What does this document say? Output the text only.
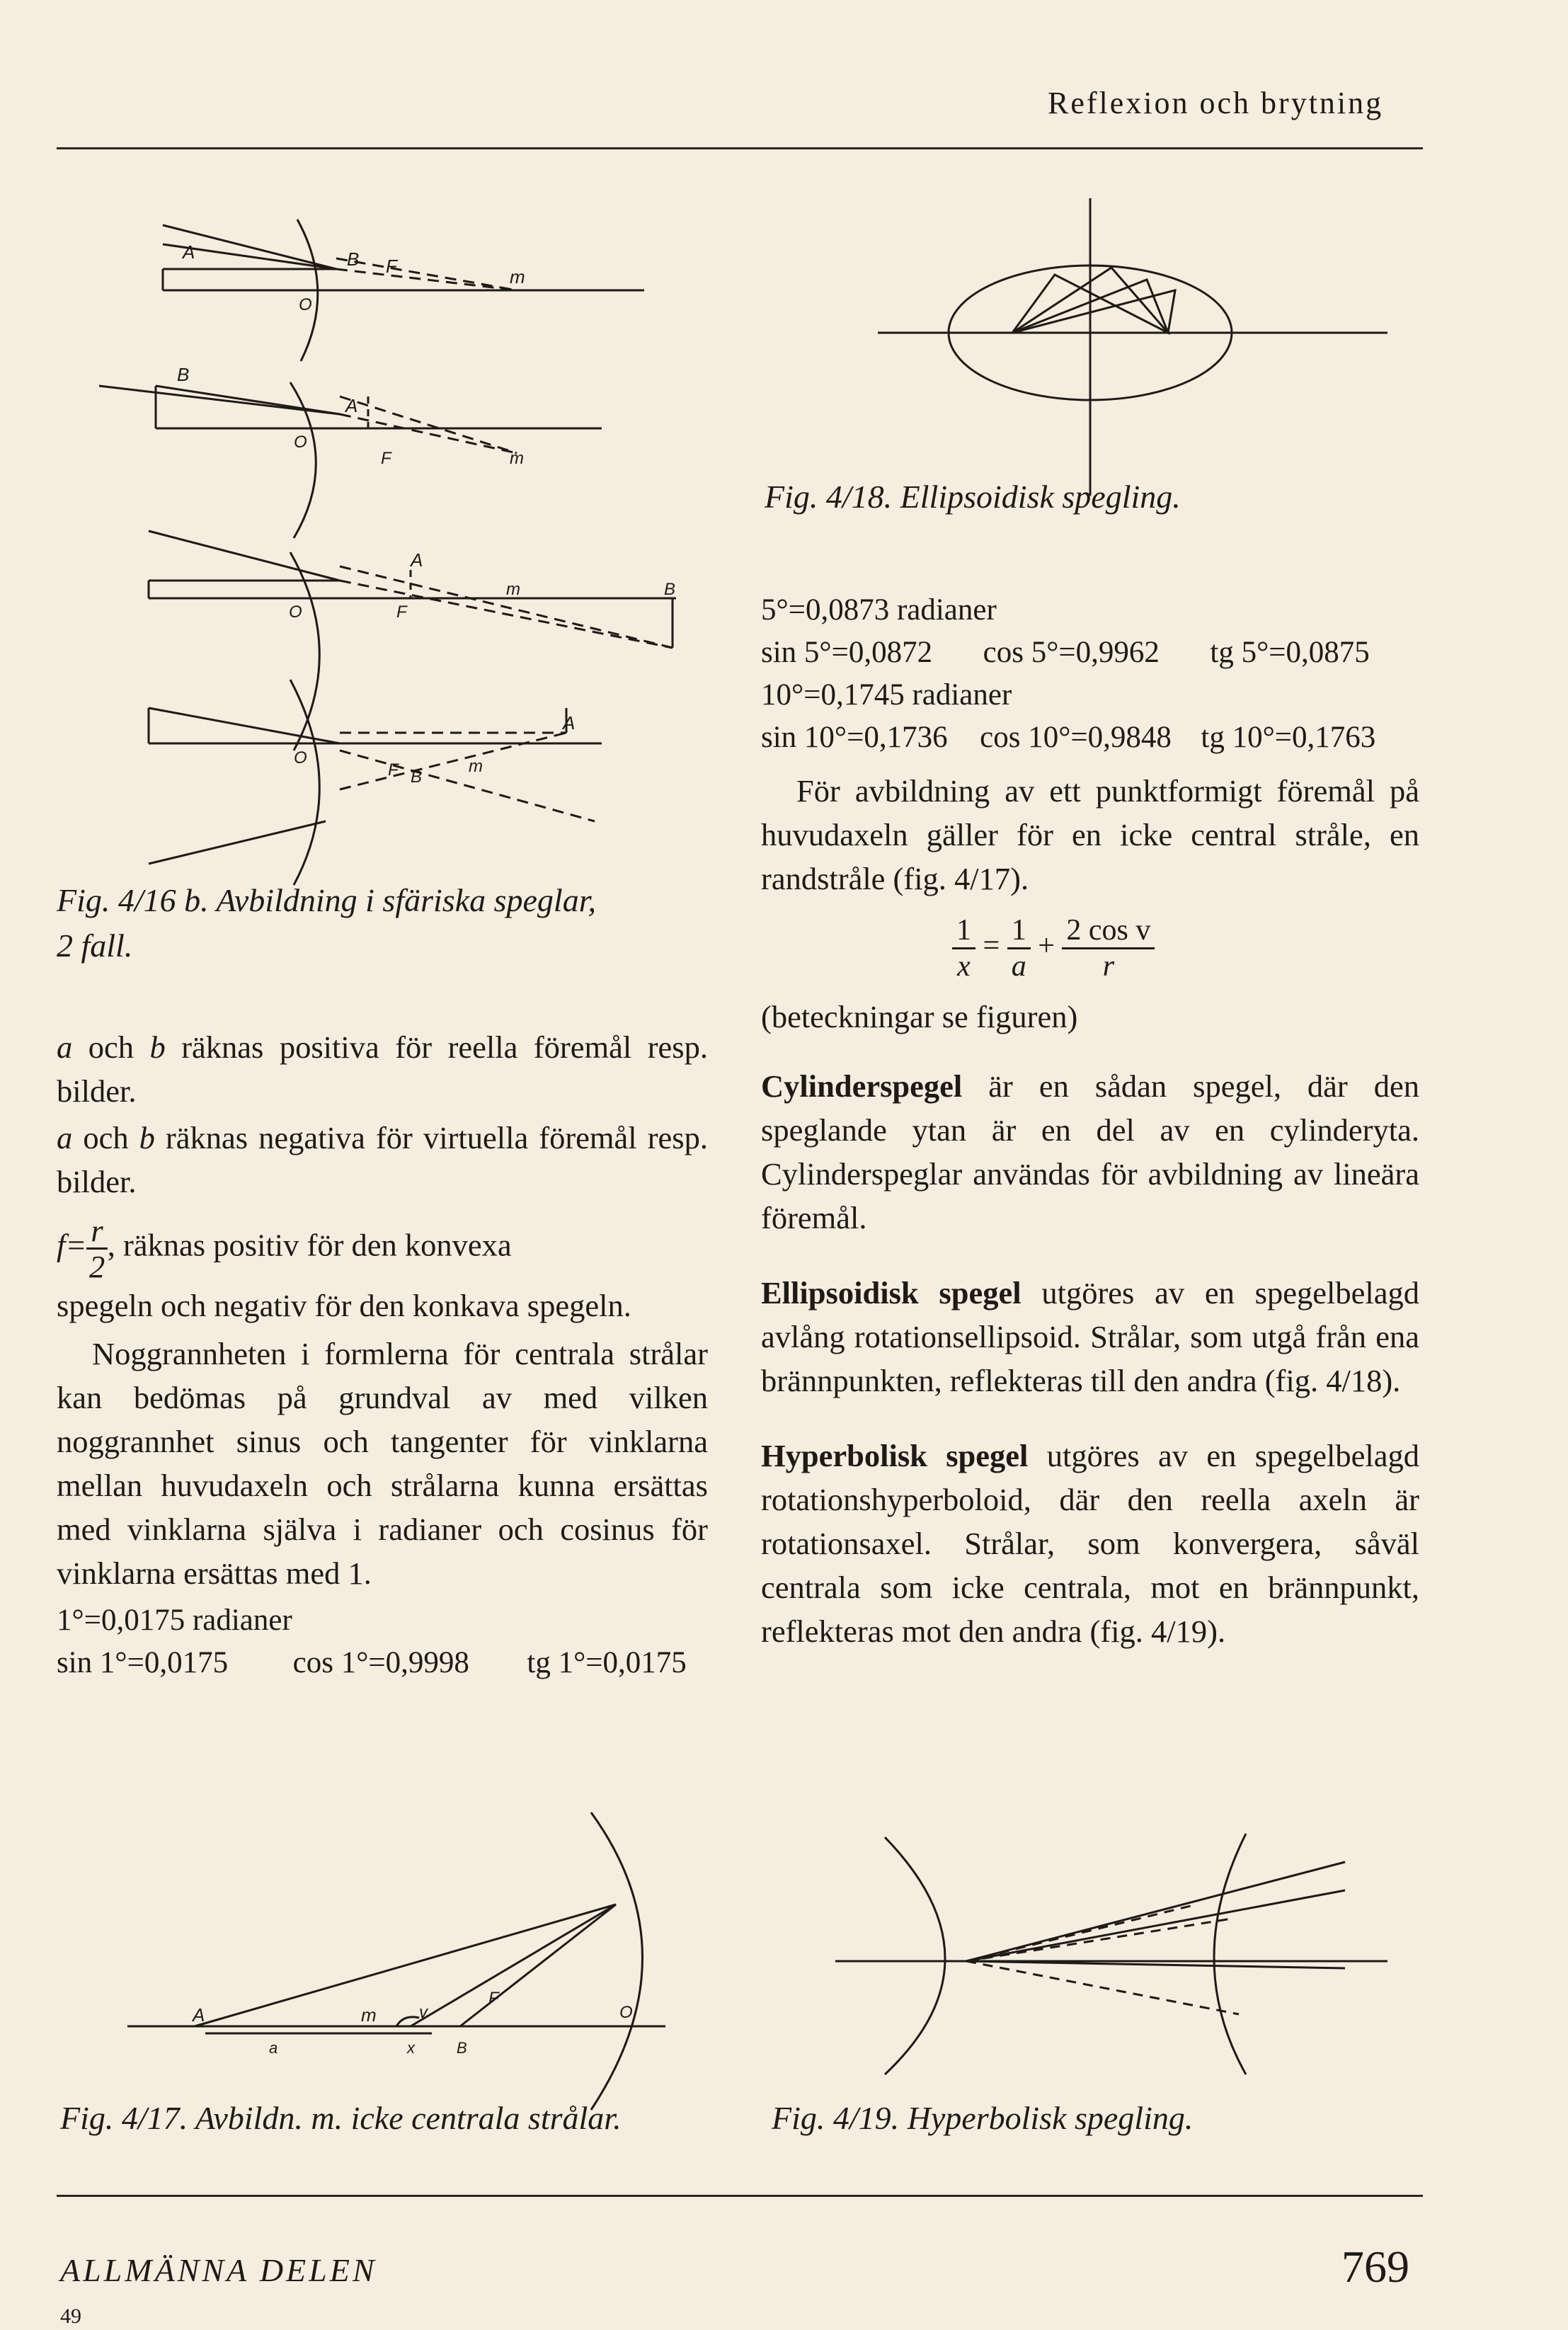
Reflexion och brytning
A	B F	m
O
B
A
O
F	m
A
m	B
O	F
A
O
F B
m
Fig. 4/16 b. Avbildning i sfäriska speglar,
2 fall.
a och b räknas positiva för reella föremål resp. bilder.
a och b räknas negativa för virtuella föremål resp. bilder.
$f= \frac{r}{2}$ , räknas positiv för den konvexa
spegeln och negativ för den konkava spegeln.
Noggrannheten i formlerna för centrala strålar kan bedömas på grundval av med vilken noggrannhet sinus och tangenter för vinklarna mellan huvudaxeln och strålarna kunna ersättas med vinklarna själva i radianer och cosinus för vinklarna ersättas med 1.
1°=0,0175 radianer
sin 1°=0,0175 cos 1°=0,9998 tg 1°=0,0175
Fig. 4/18. Ellipsoidisk spegling.
5°=0,0873 radianer
sin 5°=0,0872 cos 5°=0,9962 tg 5°=0,0875
10°=0,1745 radianer
sin 10°=0,1736 cos 10°=0,9848 tg 10°=0,1763
För avbildning av ett punktformigt föremål på huvudaxeln gäller för en icke central stråle, en randstråle (fig. 4/17).
$\frac{1}{x} = \frac{1}{a} + \frac{\text{2 cos v}}{r}$
(beteckningar se figuren)
Cylinderspegel är en sådan spegel, där den speglande ytan är en del av en cylinderyta. Cylinderspeglar användas för avbildning av lineära föremål.
Ellipsoidisk spegel utgöres av en spegelbelagd avlång rotationsellipsoid. Strålar, som utgå från ena brännpunkten, reflekteras till den andra (fig. 4/18).
Hyperbolisk spegel utgöres av en spegelbelagd rotationshyperboloid, där den reella axeln är rotationsaxel. Strålar, som konvergera, såväl centrala som icke centrala, mot en brännpunkt, reflekteras mot den andra (fig. 4/19).
A	m	v
F
O
a	x	B
Fig. 4/17. Avbildn. m. icke centrala strålar.	Fig. 4/19. Hyperbolisk spegling.
ALLMÄNNA DELEN	769
49
